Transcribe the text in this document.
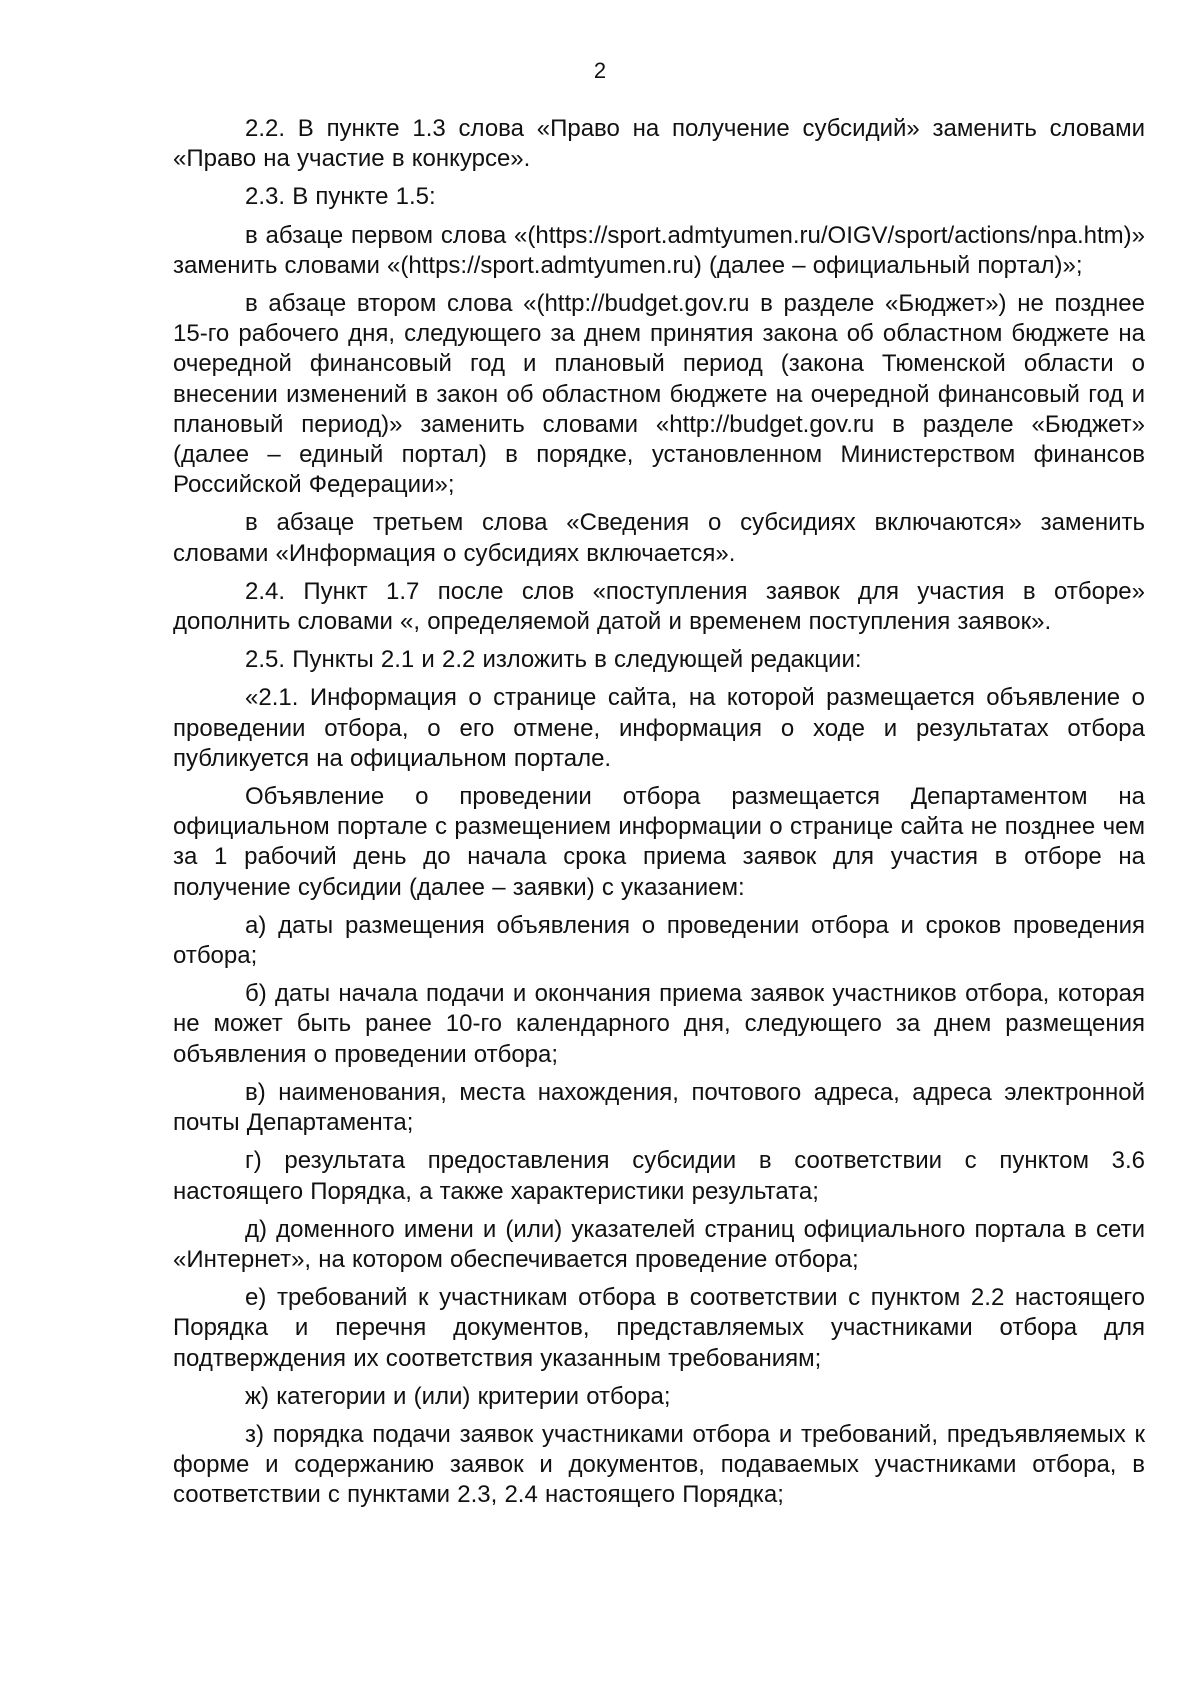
2

2.2. В пункте 1.3 слова «Право на получение субсидий» заменить словами «Право на участие в конкурсе».

2.3. В пункте 1.5:

в абзаце первом слова «(https://sport.admtyumen.ru/OIGV/sport/actions/npa.htm)» заменить словами «(https://sport.admtyumen.ru) (далее – официальный портал)»;

в абзаце втором слова «(http://budget.gov.ru в разделе «Бюджет») не позднее 15-го рабочего дня, следующего за днем принятия закона об областном бюджете на очередной финансовый год и плановый период (закона Тюменской области о внесении изменений в закон об областном бюджете на очередной финансовый год и плановый период)» заменить словами «http://budget.gov.ru в разделе «Бюджет» (далее – единый портал) в порядке, установленном Министерством финансов Российской Федерации»;

в абзаце третьем слова «Сведения о субсидиях включаются» заменить словами «Информация о субсидиях включается».

2.4. Пункт 1.7 после слов «поступления заявок для участия в отборе» дополнить словами «, определяемой датой и временем поступления заявок».

2.5. Пункты 2.1 и 2.2 изложить в следующей редакции:

«2.1. Информация о странице сайта, на которой размещается объявление о проведении отбора, о его отмене, информация о ходе и результатах отбора публикуется на официальном портале.

Объявление о проведении отбора размещается Департаментом на официальном портале с размещением информации о странице сайта не позднее чем за 1 рабочий день до начала срока приема заявок для участия в отборе на получение субсидии (далее – заявки) с указанием:

а) даты размещения объявления о проведении отбора и сроков проведения отбора;

б) даты начала подачи и окончания приема заявок участников отбора, которая не может быть ранее 10-го календарного дня, следующего за днем размещения объявления о проведении отбора;

в) наименования, места нахождения, почтового адреса, адреса электронной почты Департамента;

г) результата предоставления субсидии в соответствии с пунктом 3.6 настоящего Порядка, а также характеристики результата;

д) доменного имени и (или) указателей страниц официального портала в сети «Интернет», на котором обеспечивается проведение отбора;

е) требований к участникам отбора в соответствии с пунктом 2.2 настоящего Порядка и перечня документов, представляемых участниками отбора для подтверждения их соответствия указанным требованиям;

ж) категории и (или) критерии отбора;

з) порядка подачи заявок участниками отбора и требований, предъявляемых к форме и содержанию заявок и документов, подаваемых участниками отбора, в соответствии с пунктами 2.3, 2.4 настоящего Порядка;
